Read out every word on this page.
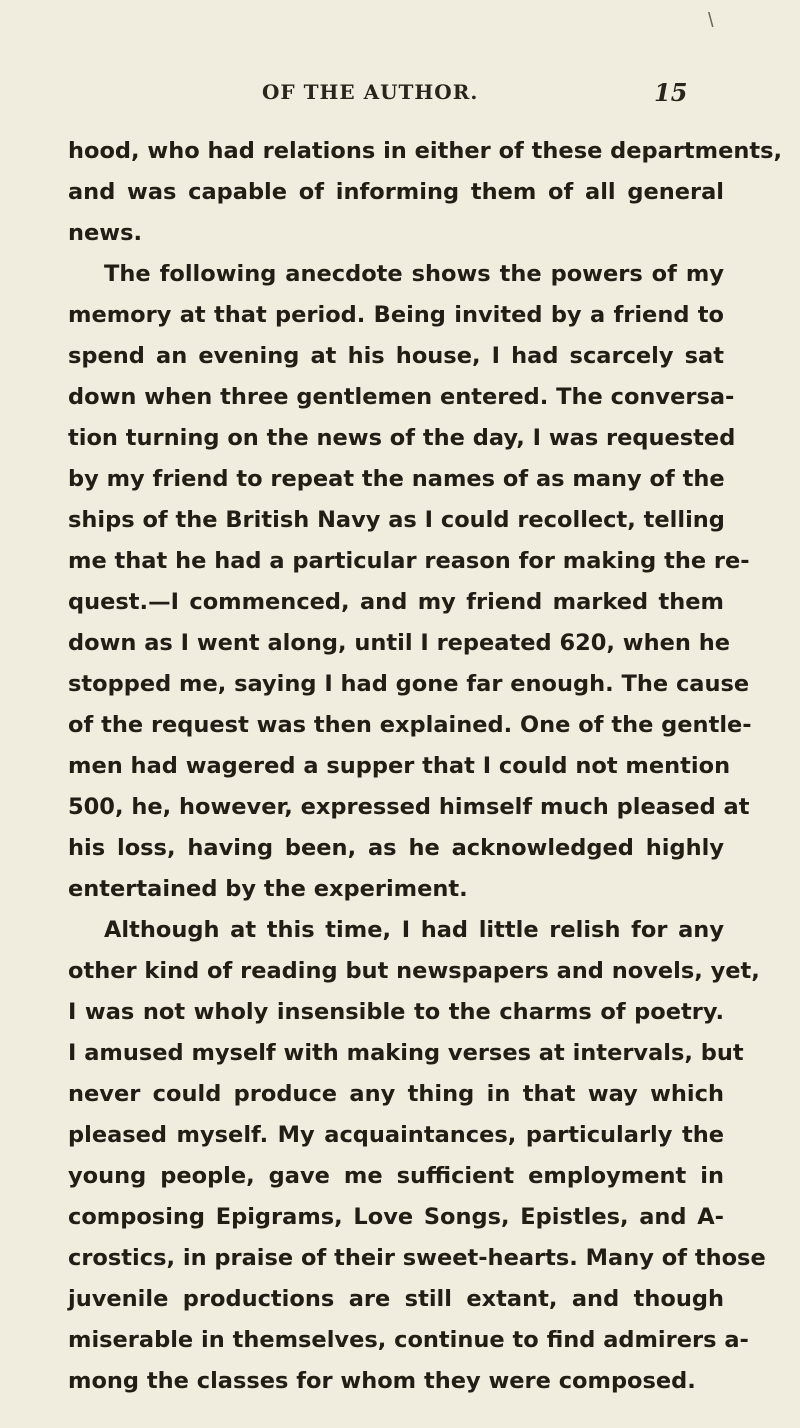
\
OF THE AUTHOR.	15
hood, who had relations in either of these departments,
and was capable of informing them of all general
news.
The following anecdote shows the powers of my
memory at that period. Being invited by a friend to
spend an evening at his house, I had scarcely sat
down when three gentlemen entered. The conversa-
tion turning on the news of the day, I was requested
by my friend to repeat the names of as many of the
ships of the British Navy as I could recollect, telling
me that he had a particular reason for making the re-
quest.—I commenced, and my friend marked them
down as I went along, until I repeated 620, when he
stopped me, saying I had gone far enough. The cause
of the request was then explained. One of the gentle-
men had wagered a supper that I could not mention
500, he, however, expressed himself much pleased at
his loss, having been, as he acknowledged highly
entertained by the experiment.
Although at this time, I had little relish for any
other kind of reading but newspapers and novels, yet,
I was not wholy insensible to the charms of poetry.
I amused myself with making verses at intervals, but
never could produce any thing in that way which
pleased myself. My acquaintances, particularly the
young people, gave me sufficient employment in
composing Epigrams, Love Songs, Epistles, and A-
crostics, in praise of their sweet-hearts. Many of those
juvenile productions are still extant, and though
miserable in themselves, continue to find admirers a-
mong the classes for whom they were composed.
